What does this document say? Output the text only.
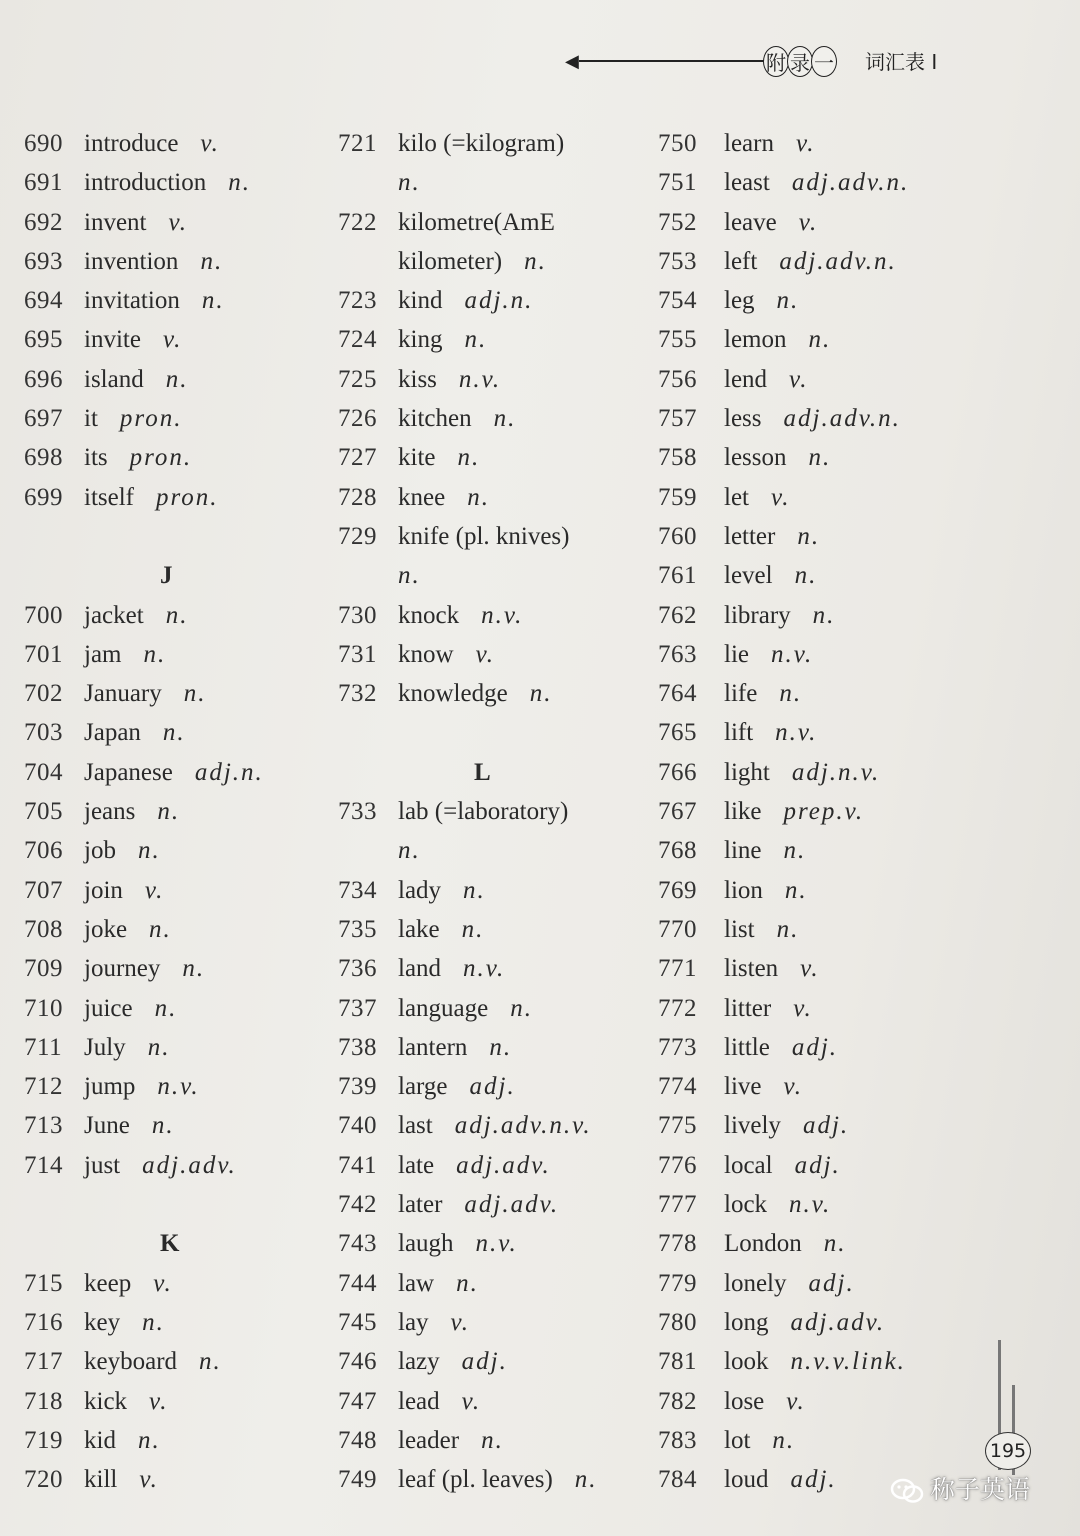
◀	附 录 一 词汇表 I
690 introduce v.
691 introduction n.
692 invent v.
693 invention n.
694 invitation n.
695 invite v.
696 island n.
697 it pron.
698 its pron.
699 itself pron.
J
700 jacket n.
701 jam n.
702 January n.
703 Japan n.
704 Japanese adj.n.
705 jeans n.
706 job n.
707 join v.
708 joke n.
709 journey n.
710 juice n.
711 July n.
712 jump n.v.
713 June n.
714 just adj.adv.
K
715 keep v.
716 key n.
717 keyboard n.
718 kick v.
719 kid n.
720 kill v.
721 kilo (=kilogram)
n.
722 kilometre(AmE
kilometer) n.
723 kind adj.n.
724 king n.
725 kiss n.v.
726 kitchen n.
727 kite n.
728 knee n.
729 knife (pl. knives)
n.
730 knock n.v.
731 know v.
732 knowledge n.
L
733 lab (=laboratory)
n.
734 lady n.
735 lake n.
736 land n.v.
737 language n.
738 lantern n.
739 large adj.
740 last adj.adv.n.v.
741 late adj.adv.
742 later adj.adv.
743 laugh n.v.
744 law n.
745 lay v.
746 lazy adj.
747 lead v.
748 leader n.
749 leaf (pl. leaves) n.
750	learn v.
751	least adj.adv.n.
752	leave v.
753	left adj.adv.n.
754	leg n.
755	lemon n.
756	lend v.
757	less adj.adv.n.
758	lesson n.
759	let v.
760	letter n.
761	level n.
762	library n.
763	lie n.v.
764	life n.
765	lift n.v.
766	light adj.n.v.
767	like prep.v.
768	line n.
769	lion n.
770	list n.
771	listen v.
772	litter v.
773	little adj.
774	live v.
775	lively adj.
776	local adj.
777	lock n.v.
778	London n.
779	lonely adj.
780	long adj.adv.
781	look n.v.v.link.
782	lose v.
783	lot n.
784	loud adj.
195
称子英语
